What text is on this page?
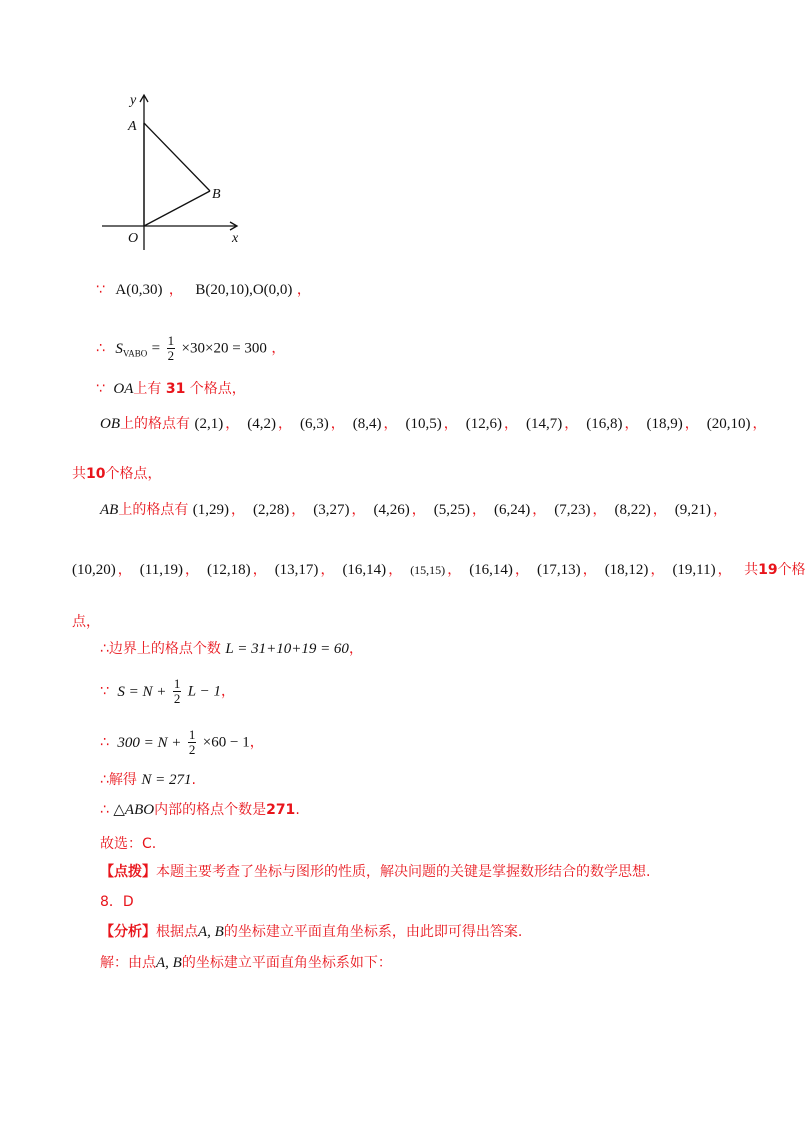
y
A
B
O	x
∵ A(0,30) ， B(20,10),O(0,0) ，
∴ $S_{VABO} = \frac{1}{2} \times 30\times 20 = 300$ ，
∵ OA上有 31 个格点，
OB上的格点有 (2,1) ， (4,2) ， (6,3) ， (8,4) ， (10,5) ， (12,6) ， (14,7) ， (16,8) ， (18,9) ， (20,10) ，
共10个格点，
AB上的格点有 (1,29) ， (2,28) ， (3,27) ， (4,26) ， (5,25) ， (6,24) ， (7,23) ， (8,22) ， (9,21) ，
(10,20) ， (11,19) ， (12,18) ， (13,17) ， (16,14) ， (15,15) ， (16,14) ， (17,13) ， (18,12) ， (19,11) ， 共19个格
点，
∴边界上的格点个数 L = 31+10+19 = 60，
∵ $S = N + \frac{1}{2}$ L − 1，
∴ $300 = N + \frac{1}{2} \times 60 - 1$，
∴解得 N = 271.
∴ △ABO内部的格点个数是271.
故选：C.
【点拨】本题主要考查了坐标与图形的性质，解决问题的关键是掌握数形结合的数学思想.
8．D
【分析】根据点A, B的坐标建立平面直角坐标系，由此即可得出答案.
解：由点A, B的坐标建立平面直角坐标系如下：
